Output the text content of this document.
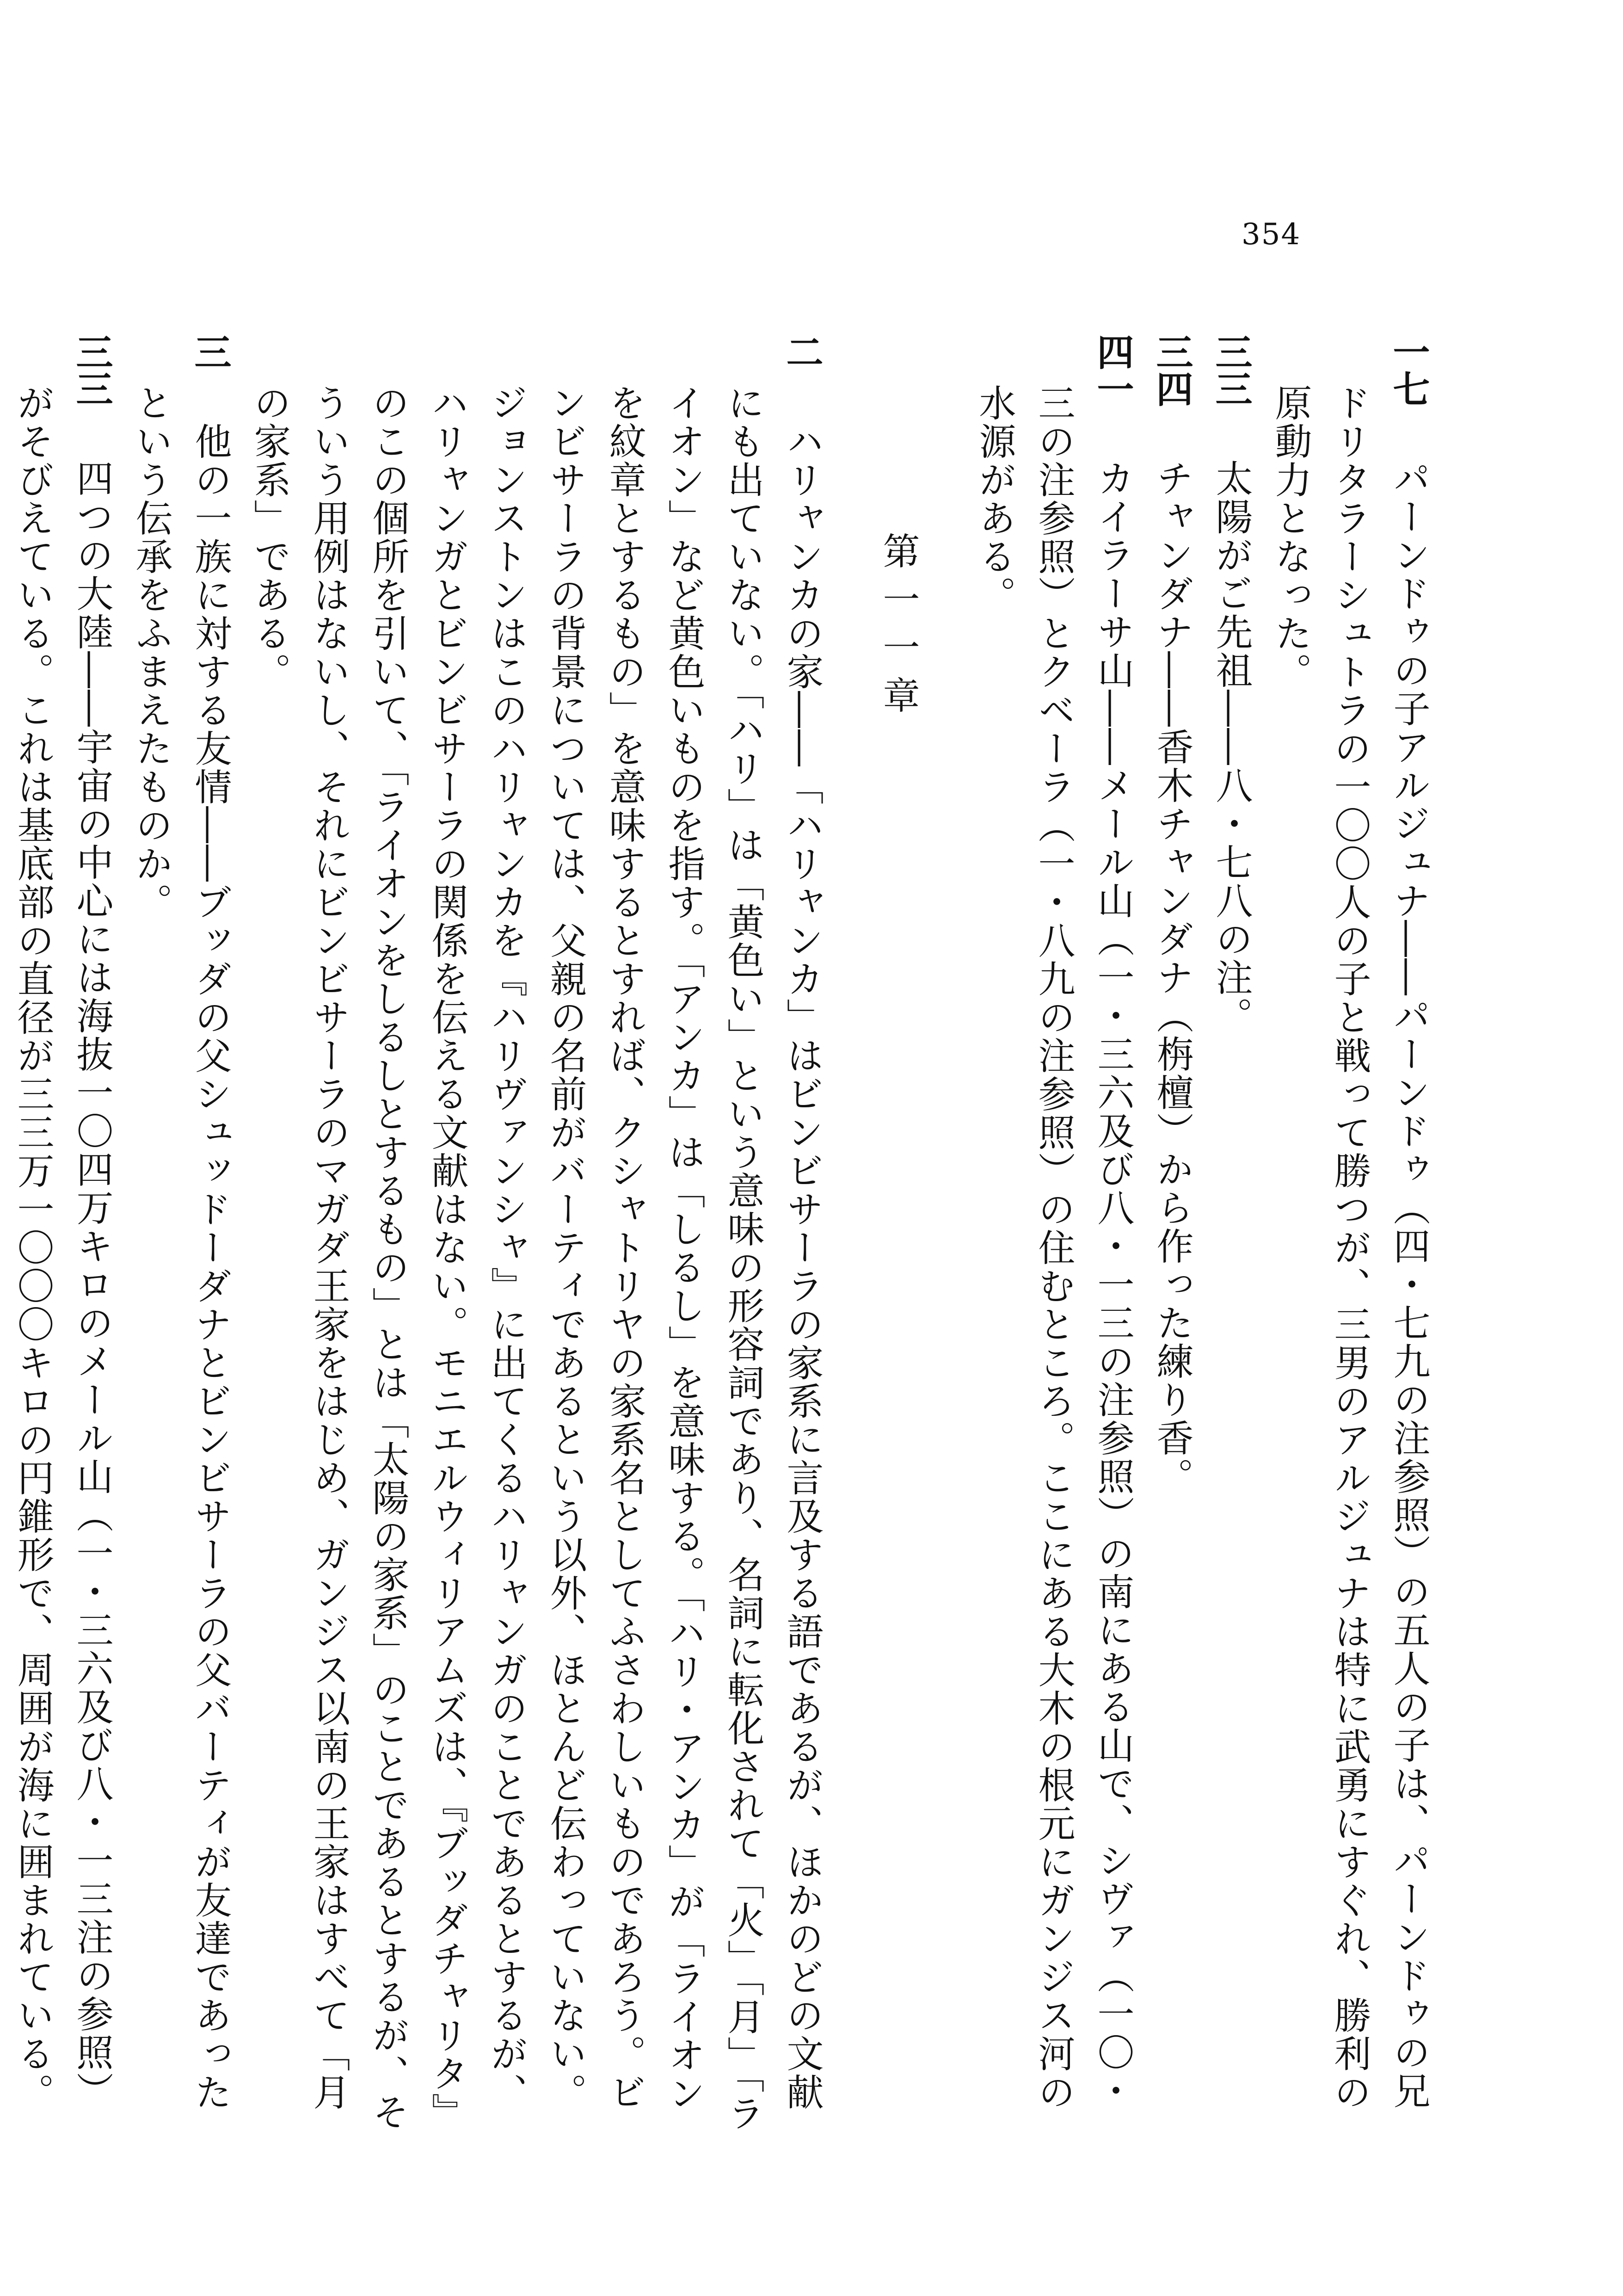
354
一七　パーンドゥの子アルジュナ――パーンドゥ（四・七九の注参照）の五人の子は、パーンドゥの兄ドリタラーシュトラの一〇〇人の子と戦って勝つが、三男のアルジュナは特に武勇にすぐれ、勝利の原動力となった。
三三　太陽がご先祖――八・七八の注。
三四　チャンダナ――香木チャンダナ（栴檀）から作った練り香。
四一　カイラーサ山――メール山（一・三六及び八・一三の注参照）の南にある山で、シヴァ（一〇・三の注参照）とクベーラ（一・八九の注参照）の住むところ。ここにある大木の根元にガンジス河の水源がある。
第一一章
二　ハリャンカの家――「ハリャンカ」はビンビサーラの家系に言及する語であるが、ほかのどの文献にも出ていない。「ハリ」は「黄色い」という意味の形容詞であり、名詞に転化されて「火」「月」「ライオン」など黄色いものを指す。「アンカ」は「しるし」を意味する。「ハリ・アンカ」が「ライオンを紋章とするもの」を意味するとすれば、クシャトリヤの家系名としてふさわしいものであろう。ビンビサーラの背景については、父親の名前がバーティであるという以外、ほとんど伝わっていない。ジョンストンはこのハリャンカを『ハリヴァンシャ』に出てくるハリャンガのことであるとするが、ハリャンガとビンビサーラの関係を伝える文献はない。モニエルウィリアムズは、『ブッダチャリタ』のこの個所を引いて、「ライオンをしるしとするもの」とは「太陽の家系」のことであるとするが、そういう用例はないし、それにビンビサーラのマガダ王家をはじめ、ガンジス以南の王家はすべて「月の家系」である。
三　他の一族に対する友情――ブッダの父シュッドーダナとビンビサーラの父バーティが友達であったという伝承をふまえたものか。
三三　四つの大陸――宇宙の中心には海抜一〇四万キロのメール山（一・三六及び八・一三注の参照）がそびえている。これは基底部の直径が三三万一〇〇〇キロの円錐形で、周囲が海に囲まれている。
